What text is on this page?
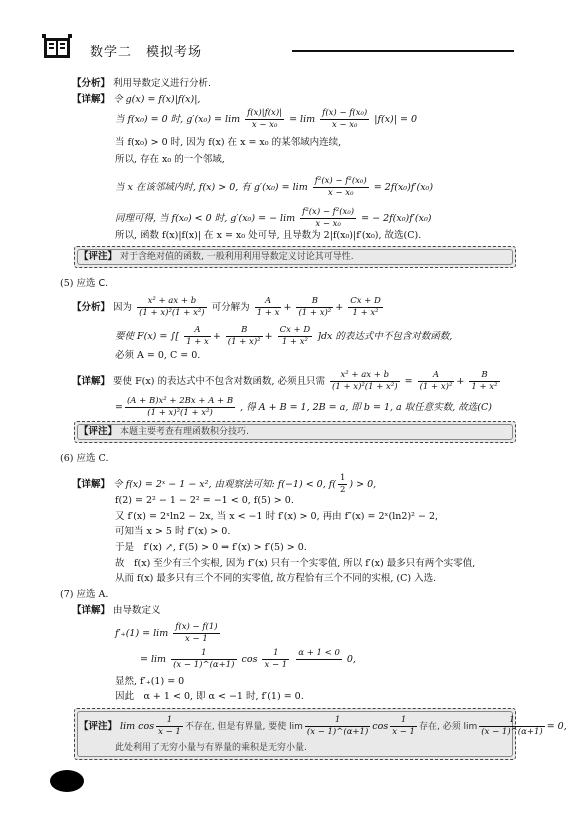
数学二　模拟考场
【分析】 利用导数定义进行分析.
【详解】 令 g(x) = f(x)|f(x)|,
当 f(x₀) = 0 时, $g'(x_0) = \lim \frac{f(x)|f(x)|}{\text{x − x₀}} = \lim \frac{\text{f(x) − f(x₀)}}{\text{x − x₀}} |f(x)| = 0$
当 f(x₀) > 0 时, 因为 f(x) 在 x = x₀ 的某邻域内连续,
所以, 存在 x₀ 的一个邻域,
当 x 在该邻域内时, f(x) > 0, 有 $g'(x_0) = \lim \frac{\text{f²(x) − f²(x₀)}}{\text{x − x₀}} = 2f(x_0)f'(x_0)$
同理可得, 当 f(x₀) < 0 时, g′(x₀) = − $\lim \frac{\text{f²(x) − f²(x₀)}}{\text{x − x₀}}$ = − 2f(x₀)f′(x₀)
所以, 函数 f(x)|f(x)| 在 x = x₀ 处可导, 且导数为 2|f(x₀)|f′(x₀), 故选(C).
【评注】 对于含绝对值的函数, 一般利用利用导数定义讨论其可导性.
(5) 应选 C.
【分析】 因为 $\frac{\text{x² + ax + b}}{\text{(1 + x)²(1 + x²)}}$ 可分解为 $\frac{A}{1 + x} + \frac{B}{\text{(1 + x)²}} + \frac{Cx + D}{\text{1 + x²}}$
要使 F(x) = ∫[ $\frac{A}{1 + x} + \frac{B}{\text{(1 + x)²}} + \frac{Cx + D}{\text{1 + x²}} ]dx$ 的表达式中不包含对数函数,
必须 A = 0, C = 0.
【详解】 要使 F(x) 的表达式中不包含对数函数, 必须且只需 $\frac{\text{x² + ax + b}}{\text{(1 + x)²(1 + x²)}} = \frac{A}{\text{(1 + x)²}} + \frac{B}{\text{1 + x²}}$
= $\frac{\text{(A + B)x² + 2Bx + A + B}}{\text{(1 + x)²(1 + x²)}}$ , 得 A + B = 1, 2B = a, 即 b = 1, a 取任意实数, 故选(C)
【评注】 本题主要考查有理函数积分技巧.
(6) 应选 C.
【详解】 令 f(x) = 2ˣ − 1 − x², 由观察法可知: f(−1) < 0, $f( \frac{1}{2}$ ) > 0,
f(2) = 2² − 1 − 2² = −1 < 0, f(5) > 0.
又 f′(x) = 2ˣln2 − 2x, 当 x < −1 时 f′(x) > 0, 再由 f″(x) = 2ˣ(ln2)² − 2,
可知当 x > 5 时 f″(x) > 0.
于是　f′(x) ↗, f′(5) > 0 ⇒ f′(x) > f′(5) > 0.
故　f(x) 至少有三个实根, 因为 f″(x) 只有一个实零值, 所以 f′(x) 最多只有两个实零值,
从而 f(x) 最多只有三个不同的实零值, 故方程恰有三个不同的实根, (C) 入选.
(7) 应选 A.
【详解】 由导数定义
$f'_+(1) = \lim \frac{f(x) - f(1)}{x - 1}$
= $\lim \frac{1}{(x - 1)\^{}(\alpha+1)}$ $\cos \frac{1}{x - 1}$
α + 1 < 0

0,
显然, f′₊(1) = 0
因此　α + 1 < 0, 即 α < −1 时, f′(1) = 0.
【评注】 $\lim \cos \frac{1}{x - 1}$ 不存在, 但是有界量, 要使 $\lim \frac{1}{(x - 1)\^{}(\alpha+1)}$ $\cos \frac{1}{x - 1}$ 存在, 必须 $\lim \frac{1}{(x - 1)\^{}(\alpha+1)} = 0$,
此处利用了无穷小量与有界量的乘积是无穷小量.
